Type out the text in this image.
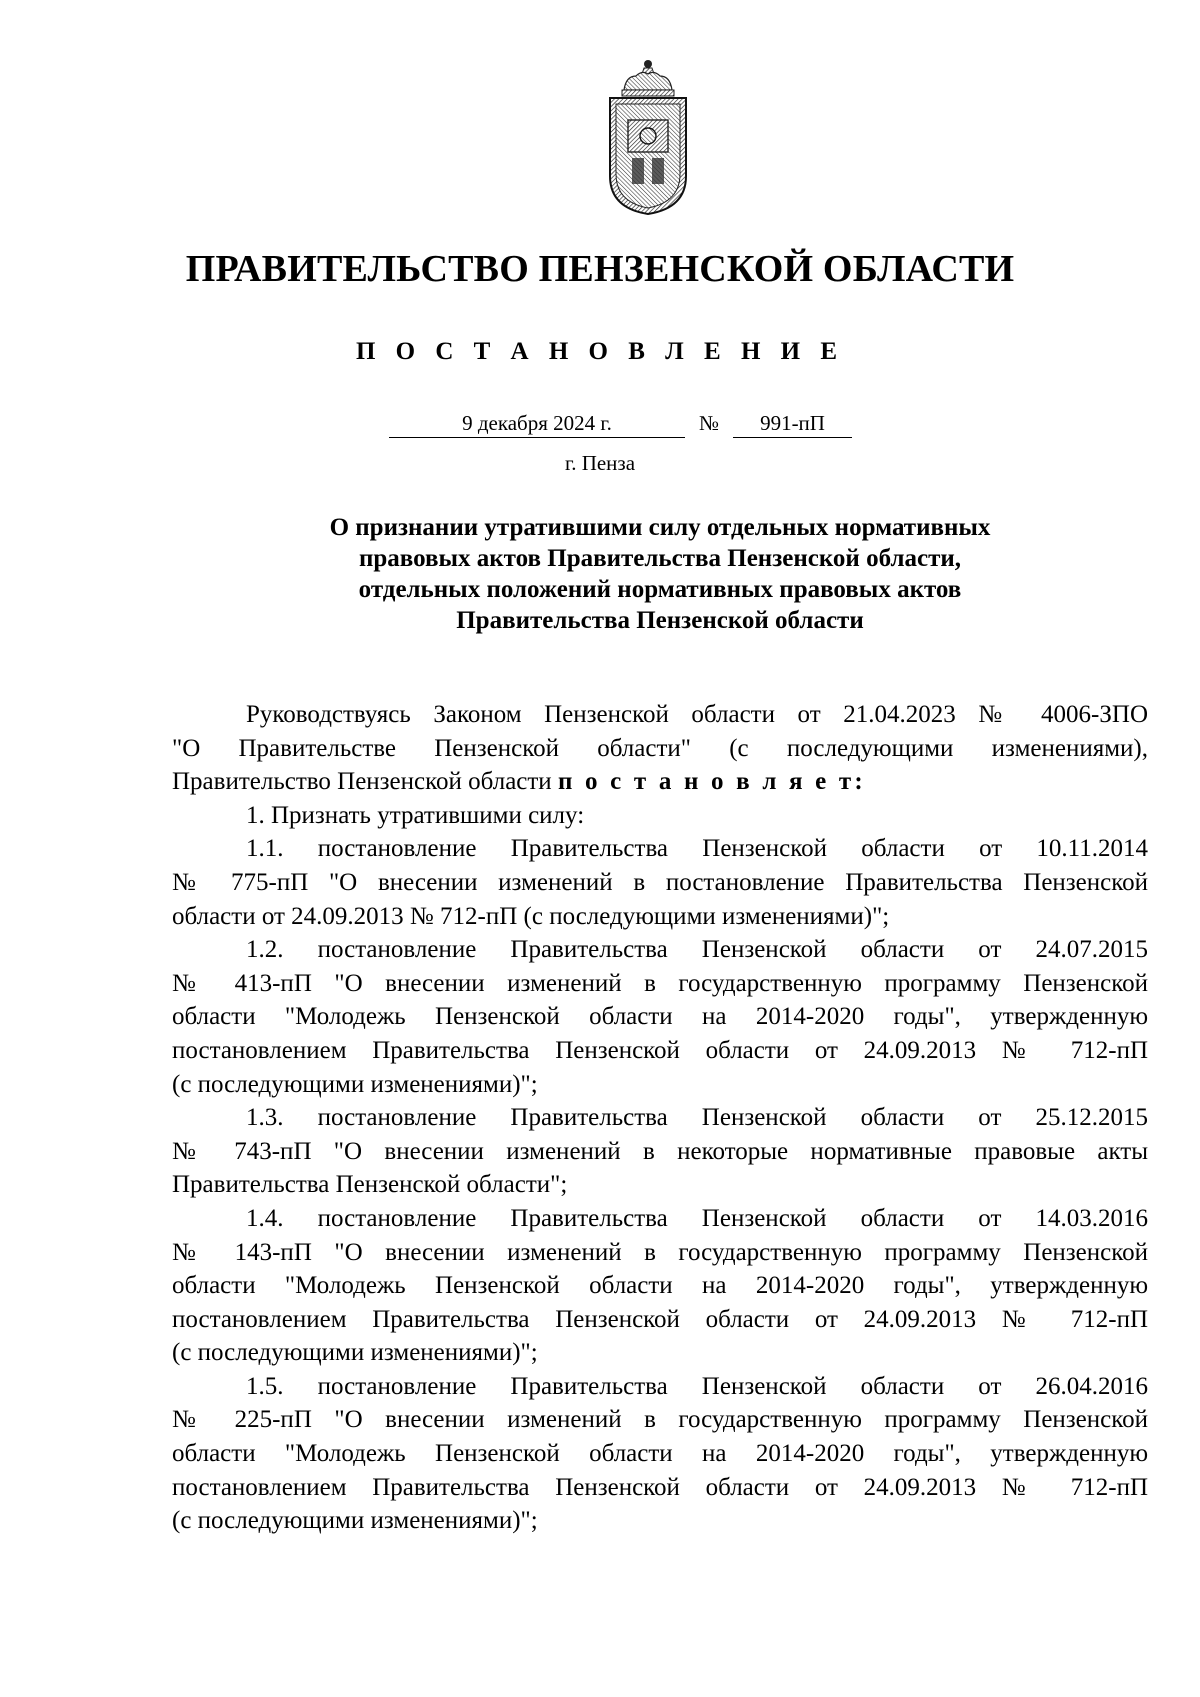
ПРАВИТЕЛЬСТВО ПЕНЗЕНСКОЙ ОБЛАСТИ
П О С Т А Н О В Л Е Н И Е
9 декабря 2024 г.	№	991-пП
г. Пенза
О признании утратившими силу отдельных нормативных
правовых актов Правительства Пензенской области,
отдельных положений нормативных правовых актов
Правительства Пензенской области
Руководствуясь Законом Пензенской области от 21.04.2023 № 4006-ЗПО
"О Правительстве Пензенской области" (с последующими изменениями),
Правительство Пензенской области п о с т а н о в л я е т:
1. Признать утратившими силу:
1.1. постановление Правительства Пензенской области от 10.11.2014
№ 775-пП "О внесении изменений в постановление Правительства Пензенской
области от 24.09.2013 № 712-пП (с последующими изменениями)";
1.2. постановление Правительства Пензенской области от 24.07.2015
№ 413-пП "О внесении изменений в государственную программу Пензенской
области "Молодежь Пензенской области на 2014-2020 годы", утвержденную
постановлением Правительства Пензенской области от 24.09.2013 № 712-пП
(с последующими изменениями)";
1.3. постановление Правительства Пензенской области от 25.12.2015
№ 743-пП "О внесении изменений в некоторые нормативные правовые акты
Правительства Пензенской области";
1.4. постановление Правительства Пензенской области от 14.03.2016
№ 143-пП "О внесении изменений в государственную программу Пензенской
области "Молодежь Пензенской области на 2014-2020 годы", утвержденную
постановлением Правительства Пензенской области от 24.09.2013 № 712-пП
(с последующими изменениями)";
1.5. постановление Правительства Пензенской области от 26.04.2016
№ 225-пП "О внесении изменений в государственную программу Пензенской
области "Молодежь Пензенской области на 2014-2020 годы", утвержденную
постановлением Правительства Пензенской области от 24.09.2013 № 712-пП
(с последующими изменениями)";
